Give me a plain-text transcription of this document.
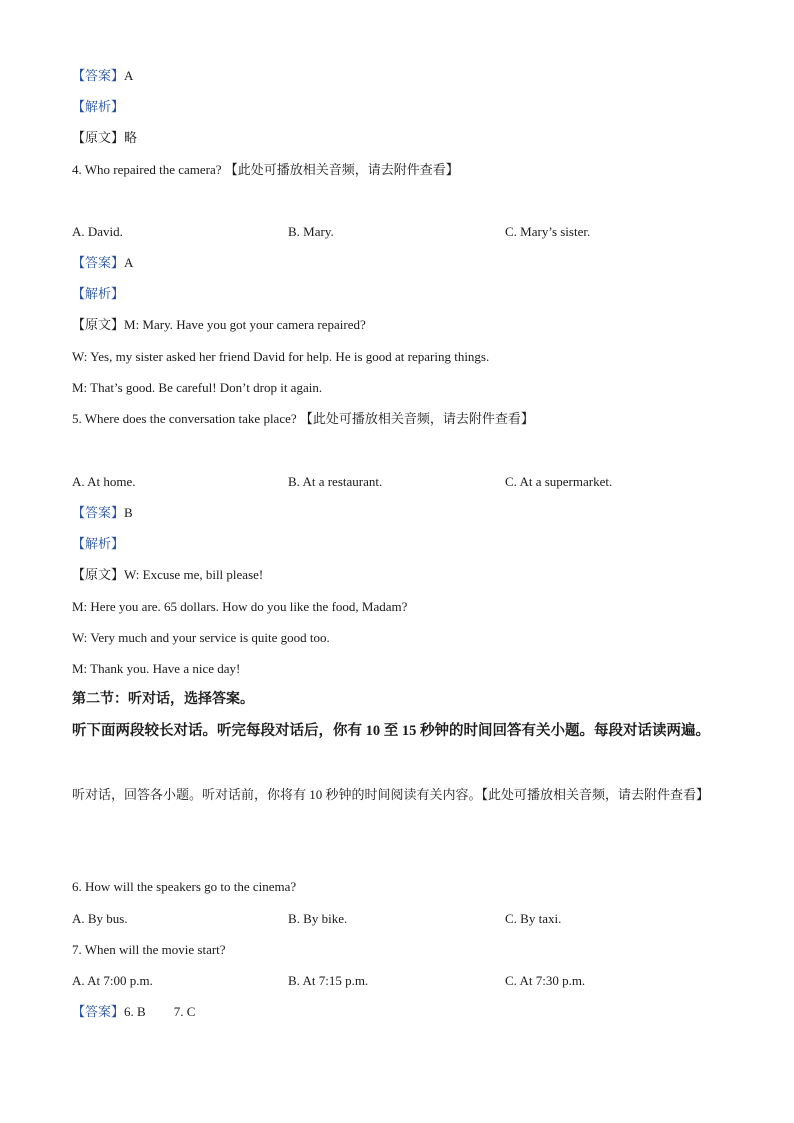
【答案】A
【解析】
【原文】略
4. Who repaired the camera? 【此处可播放相关音频，请去附件查看】
A. David.	B. Mary.	C. Mary’s sister.
【答案】A
【解析】
【原文】M: Mary. Have you got your camera repaired?
W: Yes, my sister asked her friend David for help. He is good at reparing things.
M: That’s good. Be careful! Don’t drop it again.
5. Where does the conversation take place? 【此处可播放相关音频，请去附件查看】
A. At home.	B. At a restaurant.	C. At a supermarket.
【答案】B
【解析】
【原文】W: Excuse me, bill please!
M: Here you are. 65 dollars. How do you like the food, Madam?
W: Very much and your service is quite good too.
M: Thank you. Have a nice day!
第二节：听对话，选择答案。
听下面两段较长对话。听完每段对话后，你有 10 至 15 秒钟的时间回答有关小题。每段对话读两遍。
听对话，回答各小题。听对话前，你将有 10 秒钟的时间阅读有关内容。【此处可播放相关音频，请去附件查看】
6. How will the speakers go to the cinema?
A. By bus.	B. By bike.	C. By taxi.
7. When will the movie start?
A. At 7:00 p.m.	B. At 7:15 p.m.	C. At 7:30 p.m.
【答案】6. B 7. C
